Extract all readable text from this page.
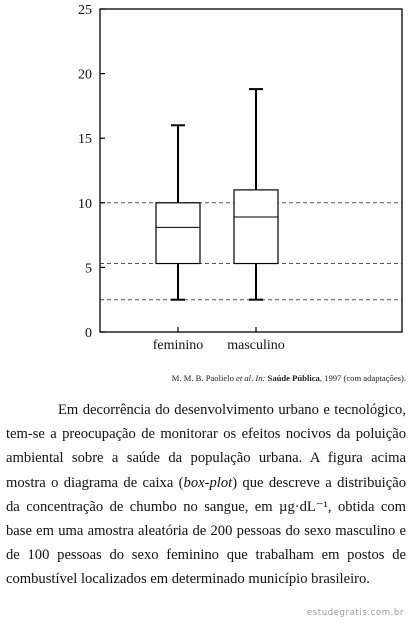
0
5
10
15
20
25
feminino masculino
M. M. B. Paolielo et al. In: Saúde Pública, 1997 (com adaptações).

Em decorrência do desenvolvimento urbano e tecnológico, tem-se a preocupação de monitorar os efeitos nocivos da poluição ambiental sobre a saúde da população urbana. A figura acima mostra o diagrama de caixa (box-plot) que descreve a distribuição da concentração de chumbo no sangue, em µg·dL⁻¹, obtida com base em uma amostra aleatória de 200 pessoas do sexo masculino e de 100 pessoas do sexo feminino que trabalham em postos de combustível localizados em determinado município brasileiro.

estudegratis.com.br
